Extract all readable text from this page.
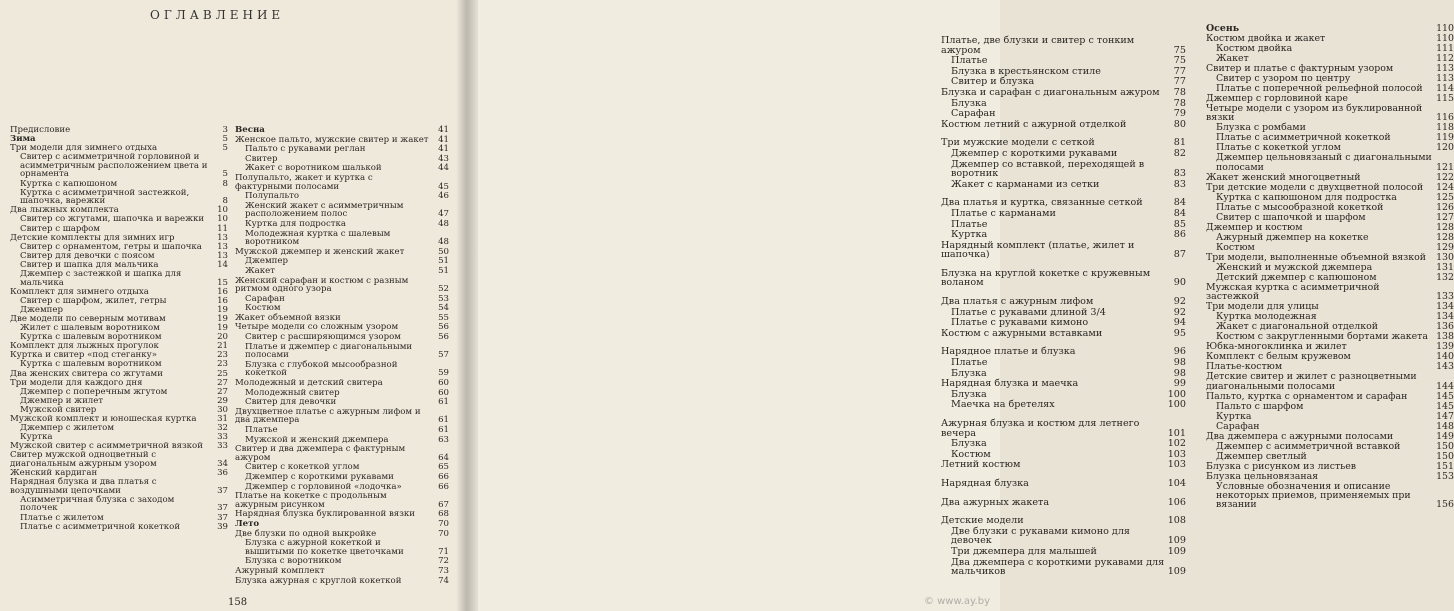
ОГЛАВЛЕНИЕ
Предисловие	3
Зима	5
Три модели для зимнего отдыха	5
Свитер с асимметричной горловиной и асимметричным расположением цвета и орнамента	5
Куртка с капюшоном	8
Куртка с асимметричной застежкой, шапочка, варежки	8
Два лыжных комплекта	10
Свитер со жгутами, шапочка и варежки	10
Свитер с шарфом	11
Детские комплекты для зимних игр	13
Свитер с орнаментом, гетры и шапочка	13
Свитер для девочки с поясом	13
Свитер и шапка для мальчика	14
Джемпер с застежкой и шапка для мальчика	15
Комплект для зимнего отдыха	16
Свитер с шарфом, жилет, гетры	16
Джемпер	19
Две модели по северным мотивам	19
Жилет с шалевым воротником	19
Куртка с шалевым воротником	20
Комплект для лыжных прогулок	21
Куртка и свитер «под стеганку»	23
Куртка с шалевым воротником	23
Два женских свитера со жгутами	25
Три модели для каждого дня	27
Джемпер с поперечным жгутом	27
Джемпер и жилет	29
Мужской свитер	30
Мужской комплект и юношеская куртка	31
Джемпер с жилетом	32
Куртка	33
Мужской свитер с асимметричной вязкой	33
Свитер мужской одноцветный с диагональным ажурным узором	34
Женский кардиган	36
Нарядная блузка и два платья с воздушными цепочками	37
Асимметричная блузка с заходом полочек	37
Платье с жилетом	37
Платье с асимметричной кокеткой	39
Весна	41
Женское пальто, мужские свитер и жакет	41
Пальто с рукавами реглан	41
Свитер	43
Жакет с воротником шалькой	44
Полупальто, жакет и куртка с фактурными полосами	45
Полупальто	46
Женский жакет с асимметричным расположением полос	47
Куртка для подростка	48
Молодежная куртка с шалевым воротником	48
Мужской джемпер и женский жакет	50
Джемпер	51
Жакет	51
Женский сарафан и костюм с разным ритмом одного узора	52
Сарафан	53
Костюм	54
Жакет объемной вязки	55
Четыре модели со сложным узором	56
Свитер с расширяющимся узором	56
Платье и джемпер с диагональными полосами	57
Блузка с глубокой мысообразной кокеткой	59
Молодежный и детский свитера	60
Молодежный свитер	60
Свитер для девочки	61
Двухцветное платье с ажурным лифом и два джемпера	61
Платье	61
Мужской и женский джемпера	63
Свитер и два джемпера с фактурным ажуром	64
Свитер с кокеткой углом	65
Джемпер с короткими рукавами	66
Джемпер с горловиной «лодочка»	66
Платье на кокетке с продольным ажурным рисунком	67
Нарядная блузка буклированной вязки	68
Лето	70
Две блузки по одной выкройке	70
Блузка с ажурной кокеткой и вышитыми по кокетке цветочками	71
Блузка с воротником	72
Ажурный комплект	73
Блузка ажурная с круглой кокеткой	74
158
Платье, две блузки и свитер с тонким ажуром	75
Платье	75
Блузка в крестьянском стиле	77
Свитер и блузка	77
Блузка и сарафан с диагональным ажуром	78
Блузка	78
Сарафан	79
Костюм летний с ажурной отделкой	80
Три мужские модели с сеткой	81
Джемпер с короткими рукавами	82
Джемпер со вставкой, переходящей в воротник	83
Жакет с карманами из сетки	83
Два платья и куртка, связанные сеткой	84
Платье с карманами	84
Платье	85
Куртка	86
Нарядный комплект (платье, жилет и шапочка)	87
Блузка на круглой кокетке с кружевным воланом	90
Два платья с ажурным лифом	92
Платье с рукавами длиной 3/4	92
Платье с рукавами кимоно	94
Костюм с ажурными вставками	95
Нарядное платье и блузка	96
Платье	98
Блузка	98
Нарядная блузка и маечка	99
Блузка	100
Маечка на бретелях	100
Ажурная блузка и костюм для летнего вечера	101
Блузка	102
Костюм	103
Летний костюм	103
Нарядная блузка	104
Два ажурных жакета	106
Детские модели	108
Две блузки с рукавами кимоно для девочек	109
Три джемпера для малышей	109
Два джемпера с короткими рукавами для мальчиков	109
Осень	110
Костюм двойка и жакет	110
Костюм двойка	111
Жакет	112
Свитер и платье с фактурным узором	113
Свитер с узором по центру	113
Платье с поперечной рельефной полосой	114
Джемпер с горловиной каре	115
Четыре модели с узором из буклированной вязки	116
Блузка с ромбами	118
Платье с асимметричной кокеткой	119
Платье с кокеткой углом	120
Джемпер цельновязаный с диагональными полосами	121
Жакет женский многоцветный	122
Три детские модели с двухцветной полосой	124
Куртка с капюшоном для подростка	125
Платье с мысообразной кокеткой	126
Свитер с шапочкой и шарфом	127
Джемпер и костюм	128
Ажурный джемпер на кокетке	128
Костюм	129
Три модели, выполненные объемной вязкой	130
Женский и мужской джемпера	131
Детский джемпер с капюшоном	132
Мужская куртка с асимметричной застежкой	133
Три модели для улицы	134
Куртка молодежная	134
Жакет с диагональной отделкой	136
Костюм с закругленными бортами жакета 138
Юбка-многоклинка и жилет	139
Комплект с белым кружевом	140
Платье-костюм	143
Детские свитер и жилет с разноцветными диагональными полосами	144
Пальто, куртка с орнаментом и сарафан	145
Пальто с шарфом	145
Куртка	147
Сарафан	148
Два джемпера с ажурными полосами	149
Джемпер с асимметричной вставкой	150
Джемпер светлый	150
Блузка с рисунком из листьев	151
Блузка цельновязаная	153
Условные обозначения и описание некоторых приемов, применяемых при вязании	156
© www.ay.by
